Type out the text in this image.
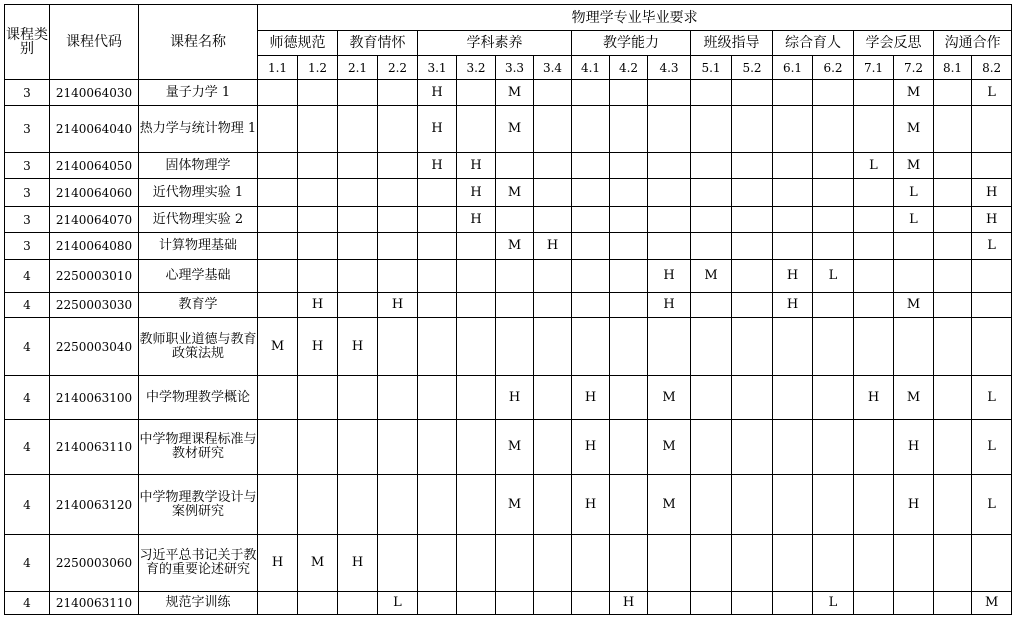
课程类别	课程代码	课程名称	物理学专业毕业要求																		
			师德规范		教育情怀		学科素养				教学能力			班级指导		综合育人		学会反思		沟通合作	
			1.1	1.2	2.1	2.2	3.1	3.2	3.3	3.4	4.1	4.2	4.3	5.1	5.2	6.1	6.2	7.1	7.2	8.1	8.2
3	2140064030	量子力学 1					H		M										M		L
3	2140064040	热力学与统计物理 1					H		M										M		
3	2140064050	固体物理学					H	H										L	M		
3	2140064060	近代物理实验 1						H	M										L		H
3	2140064070	近代物理实验 2						H											L		H
3	2140064080	计算物理基础							M	H											L
4	2250003010	心理学基础											H	M		H	L				
4	2250003030	教育学		H		H							H			H			M		
4	2250003040	教师职业道德与教育政策法规	M	H	H																
4	2140063100	中学物理教学概论							H		H		M					H	M		L
4	2140063110	中学物理课程标准与教材研究							M		H		M						H		L
4	2140063120	中学物理教学设计与案例研究							M		H		M						H		L
4	2250003060	习近平总书记关于教育的重要论述研究	H	M	H																
4	2140063110	规范字训练				L						H					L				M
